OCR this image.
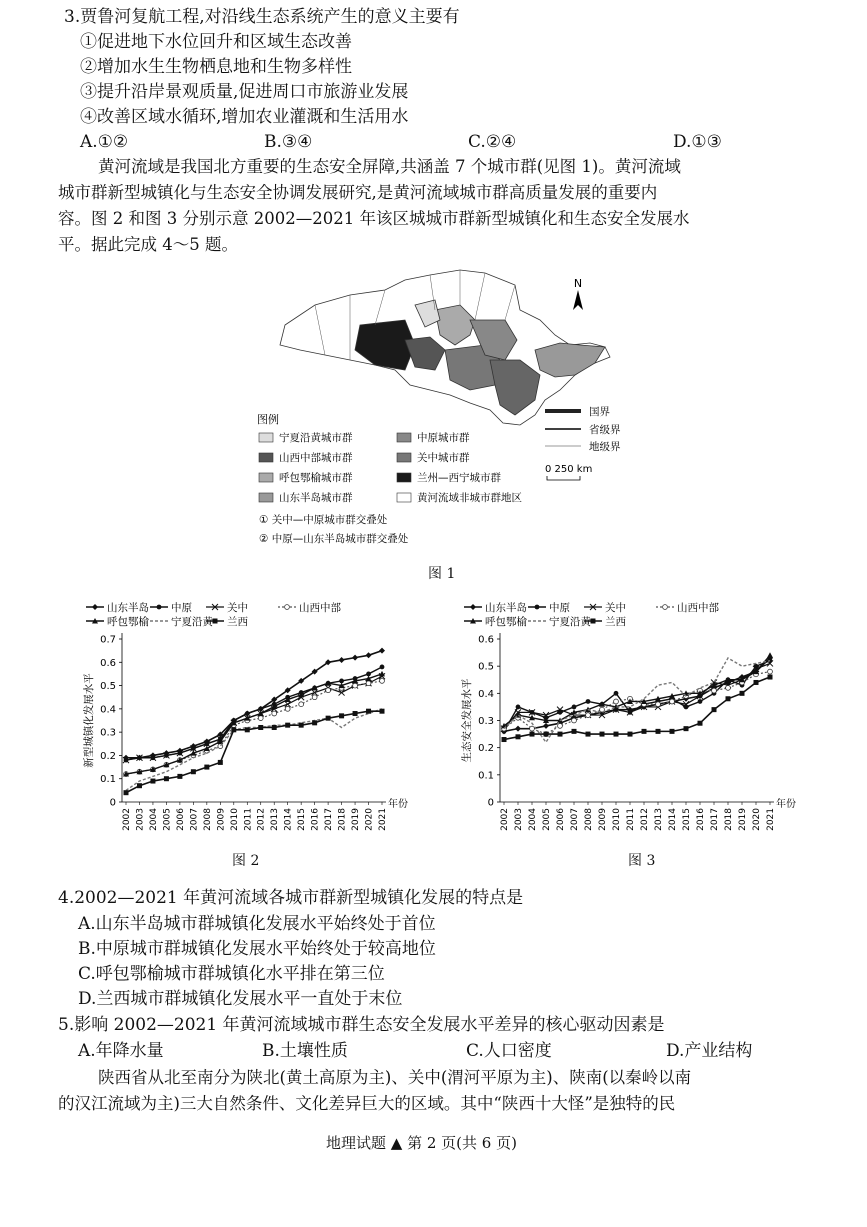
3.贾鲁河复航工程,对沿线生态系统产生的意义主要有
①促进地下水位回升和区域生态改善
②增加水生生物栖息地和生物多样性
③提升沿岸景观质量,促进周口市旅游业发展
④改善区域水循环,增加农业灌溉和生活用水
A.①②	B.③④	C.②④	D.①③
黄河流域是我国北方重要的生态安全屏障,共涵盖 7 个城市群(见图 1)。黄河流域
城市群新型城镇化与生态安全协调发展研究,是黄河流域城市群高质量发展的重要内
容。图 2 和图 3 分别示意 2002—2021 年该区城城市群新型城镇化和生态安全发展水
平。据此完成 4～5 题。
N
图例
宁夏沿黄城市群
山西中部城市群
呼包鄂榆城市群
山东半岛城市群
中原城市群
关中城市群
兰州—西宁城市群
黄河流域非城市群地区
国界
省级界
地级界
0 250 km
① 关中—中原城市群交叠处
② 中原—山东半岛城市群交叠处
图 1
山东半岛 中原	关中	山西中部
呼包鄂榆 宁夏沿黄 兰西
0
0.1
0.2
0.3
0.4
0.5
0.6
0.7
2002 2003 2004 2005 2006 2007 2008 2009 2010 2011 2012 2013 2014 2015 2016 2017 2018 2019 2020 2021
年份
新型城镇化发展水平
图 2
山东半岛 中原	关中	山西中部
呼包鄂榆 宁夏沿黄 兰西
0
0.1
0.2
0.3
0.4
0.5
0.6
2002 2003 2004 2005 2006 2007 2008 2009 2010 2011 2012 2013 2014 2015 2016 2017 2018 2019 2020 2021
年份
生态安全发展水平
图 3
4.2002—2021 年黄河流域各城市群新型城镇化发展的特点是
A.山东半岛城市群城镇化发展水平始终处于首位
B.中原城市群城镇化发展水平始终处于较高地位
C.呼包鄂榆城市群城镇化水平排在第三位
D.兰西城市群城镇化发展水平一直处于末位
5.影响 2002—2021 年黄河流域城市群生态安全发展水平差异的核心驱动因素是
A.年降水量	B.土壤性质	C.人口密度	D.产业结构
陕西省从北至南分为陕北(黄土高原为主)、关中(渭河平原为主)、陕南(以秦岭以南
的汉江流域为主)三大自然条件、文化差异巨大的区域。其中“陕西十大怪”是独特的民
地理试题 ▲ 第 2 页(共 6 页)
